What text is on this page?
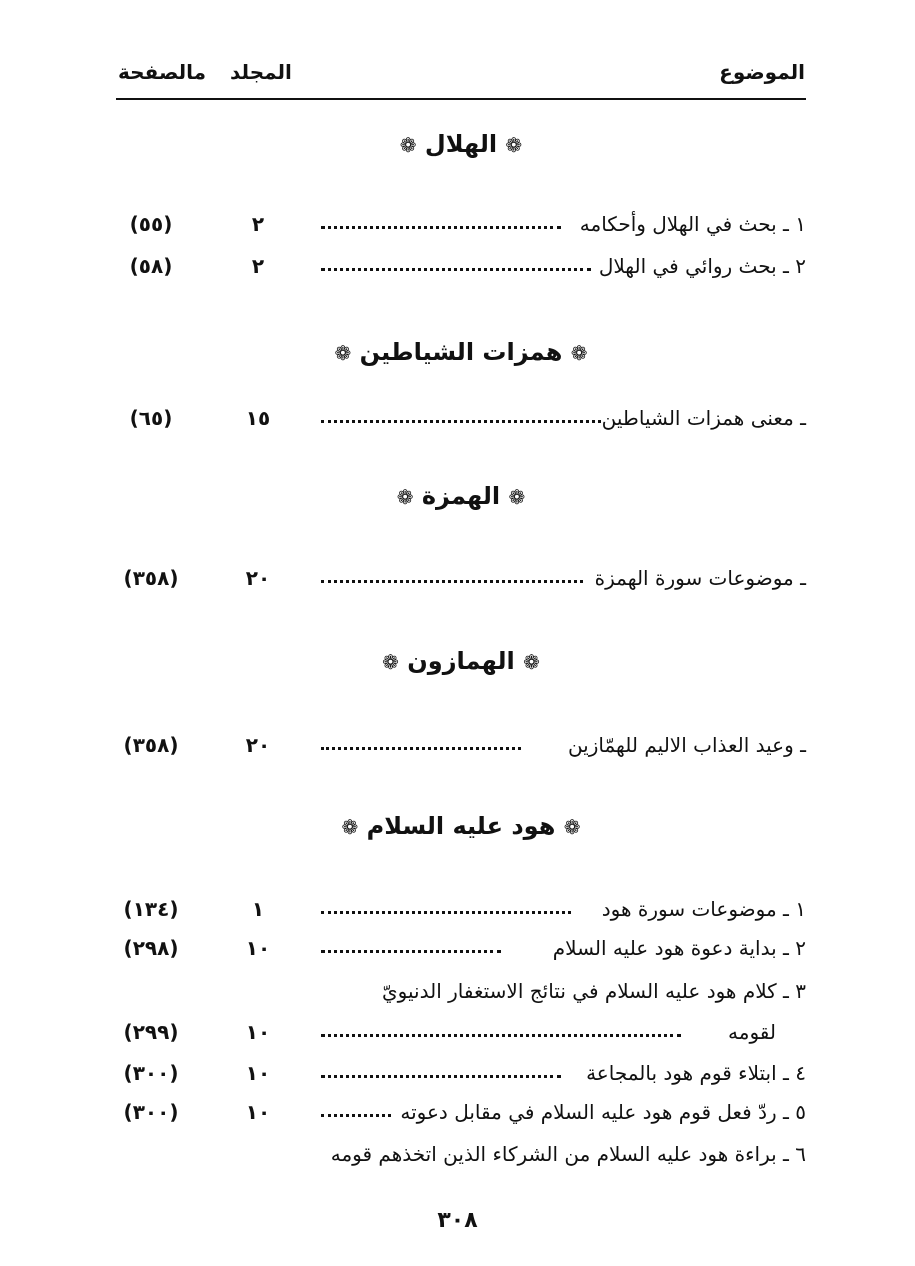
الموضوع
المجلد
مالصفحة
❁ الهلال ❁
١ ـ بحث في الهلال وأحكامه
٢
(٥٥)
٢ ـ بحث روائي في الهلال
٢
(٥٨)
❁ همزات الشياطين ❁
ـ معنى همزات الشياطين
١٥
(٦٥)
❁ الهمزة ❁
ـ موضوعات سورة الهمزة
٢٠
(٣٥٨)
❁ الهمازون ❁
ـ وعيد العذاب الاليم للهمّازين
٢٠
(٣٥٨)
❁ هود عليه السلام ❁
١ ـ موضوعات سورة هود
١
(١٣٤)
٢ ـ بداية دعوة هود عليه السلام
١٠
(٢٩٨)
٣ ـ كلام هود عليه السلام في نتائج الاستغفار الدنيويّ
لقومه
١٠
(٢٩٩)
٤ ـ ابتلاء قوم هود بالمجاعة
١٠
(٣٠٠)
٥ ـ ردّ فعل قوم هود عليه السلام في مقابل دعوته
١٠
(٣٠٠)
٦ ـ براءة هود عليه السلام من الشركاء الذين اتخذهم قومه
٣٠٨
